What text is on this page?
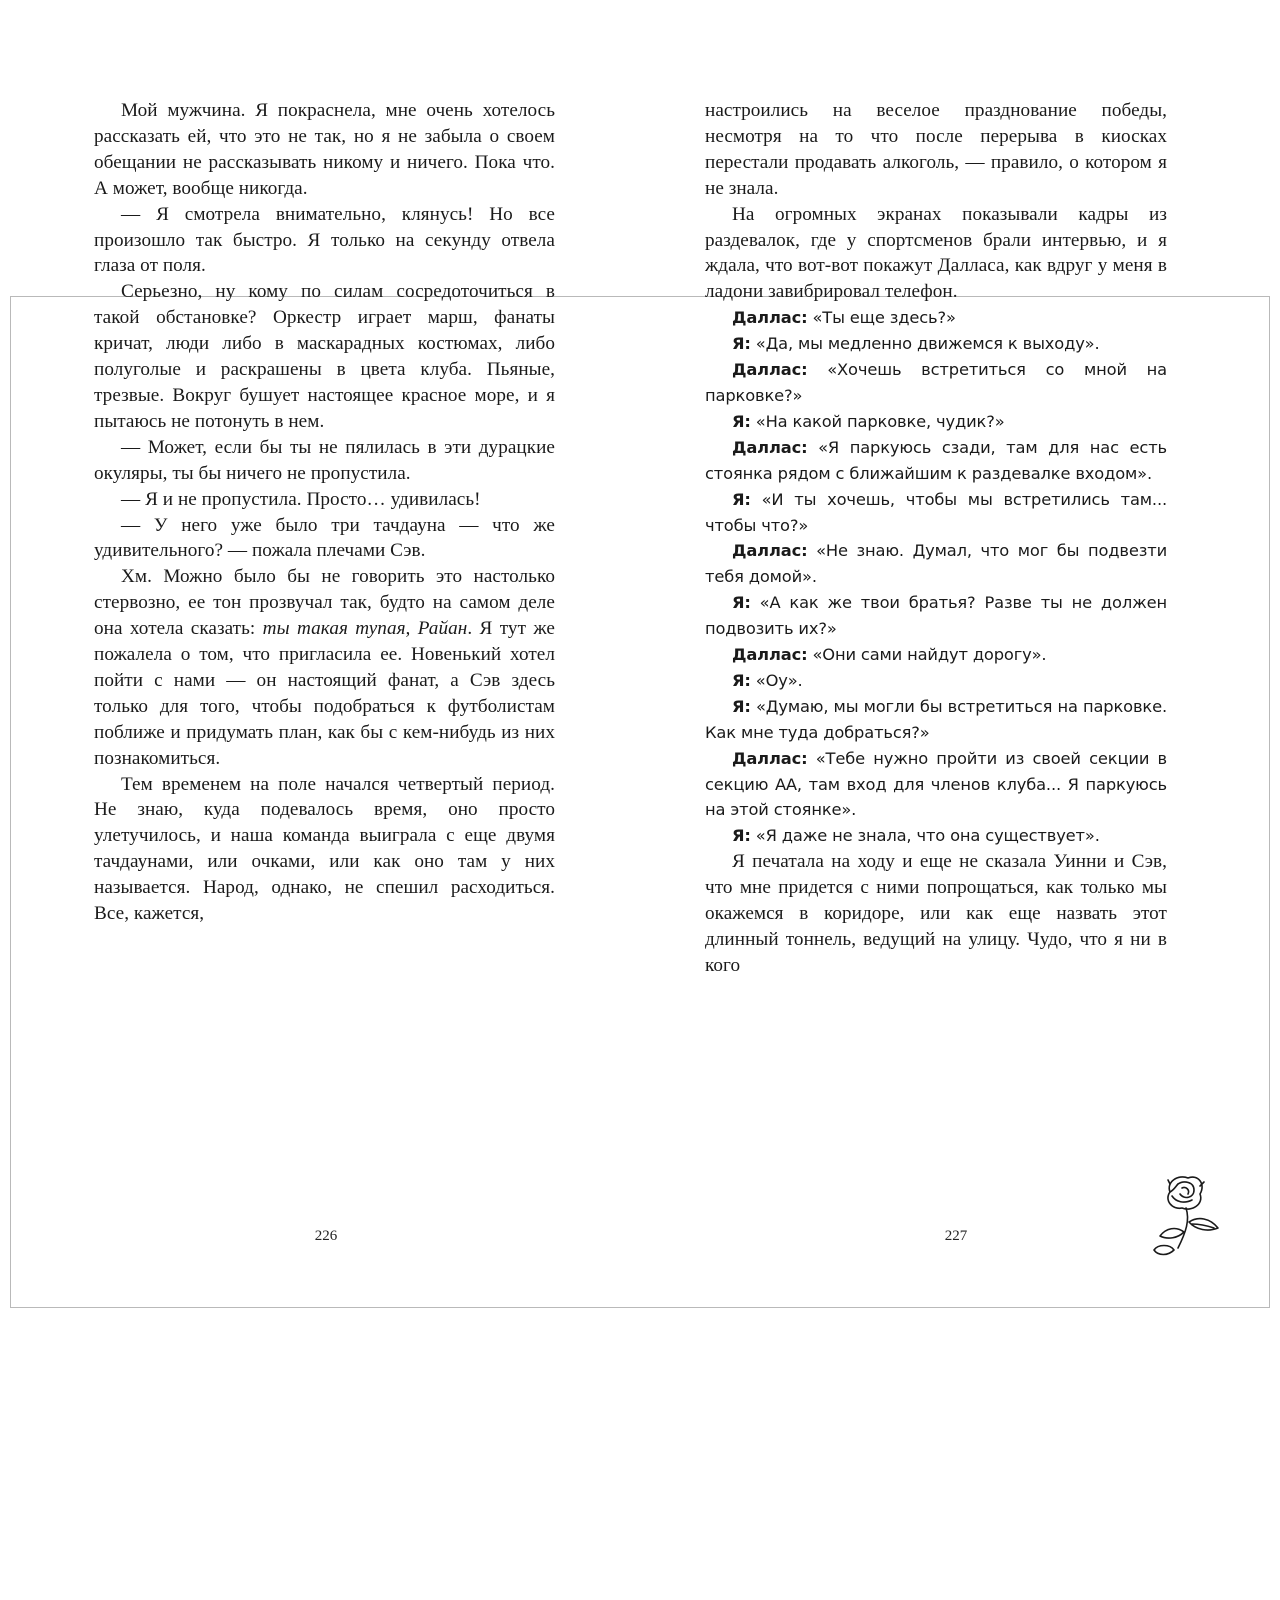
Мой мужчина. Я покраснела, мне очень хотелось рассказать ей, что это не так, но я не забыла о своем обещании не рассказывать никому и ничего. Пока что. А может, вообще никогда.

— Я смотрела внимательно, клянусь! Но все произошло так быстро. Я только на секунду отвела глаза от поля.

Серьезно, ну кому по силам сосредоточиться в такой обстановке? Оркестр играет марш, фанаты кричат, люди либо в маскарадных костюмах, либо полуголые и раскрашены в цвета клуба. Пьяные, трезвые. Вокруг бушует настоящее красное море, и я пытаюсь не потонуть в нем.

— Может, если бы ты не пялилась в эти дурацкие окуляры, ты бы ничего не пропустила.

— Я и не пропустила. Просто… удивилась!

— У него уже было три тачдауна — что же удивительного? — пожала плечами Сэв.

Хм. Можно было бы не говорить это настолько стервозно, ее тон прозвучал так, будто на самом деле она хотела сказать: ты такая тупая, Райан. Я тут же пожалела о том, что пригласила ее. Новенький хотел пойти с нами — он настоящий фанат, а Сэв здесь только для того, чтобы подобраться к футболистам поближе и придумать план, как бы с кем-нибудь из них познакомиться.

Тем временем на поле начался четвертый период. Не знаю, куда подевалось время, оно просто улетучилось, и наша команда выиграла с еще двумя тачдаунами, или очками, или как оно там у них называется. Народ, однако, не спешил расходиться. Все, кажется,

226

настроились на веселое празднование победы, несмотря на то что после перерыва в киосках перестали продавать алкоголь, — правило, о котором я не знала.

На огромных экранах показывали кадры из раздевалок, где у спортсменов брали интервью, и я ждала, что вот-вот покажут Далласа, как вдруг у меня в ладони завибрировал телефон.

Даллас: «Ты еще здесь?»

Я: «Да, мы медленно движемся к выходу».

Даллас: «Хочешь встретиться со мной на парковке?»

Я: «На какой парковке, чудик?»

Даллас: «Я паркуюсь сзади, там для нас есть стоянка рядом с ближайшим к раздевалке входом».

Я: «И ты хочешь, чтобы мы встретились там... чтобы что?»

Даллас: «Не знаю. Думал, что мог бы подвезти тебя домой».

Я: «А как же твои братья? Разве ты не должен подвозить их?»

Даллас: «Они сами найдут дорогу».

Я: «Оу».

Я: «Думаю, мы могли бы встретиться на парковке. Как мне туда добраться?»

Даллас: «Тебе нужно пройти из своей секции в секцию АА, там вход для членов клуба... Я паркуюсь на этой стоянке».

Я: «Я даже не знала, что она существует».

Я печатала на ходу и еще не сказала Уинни и Сэв, что мне придется с ними попрощаться, как только мы окажемся в коридоре, или как еще назвать этот длинный тоннель, ведущий на улицу. Чудо, что я ни в кого

227
